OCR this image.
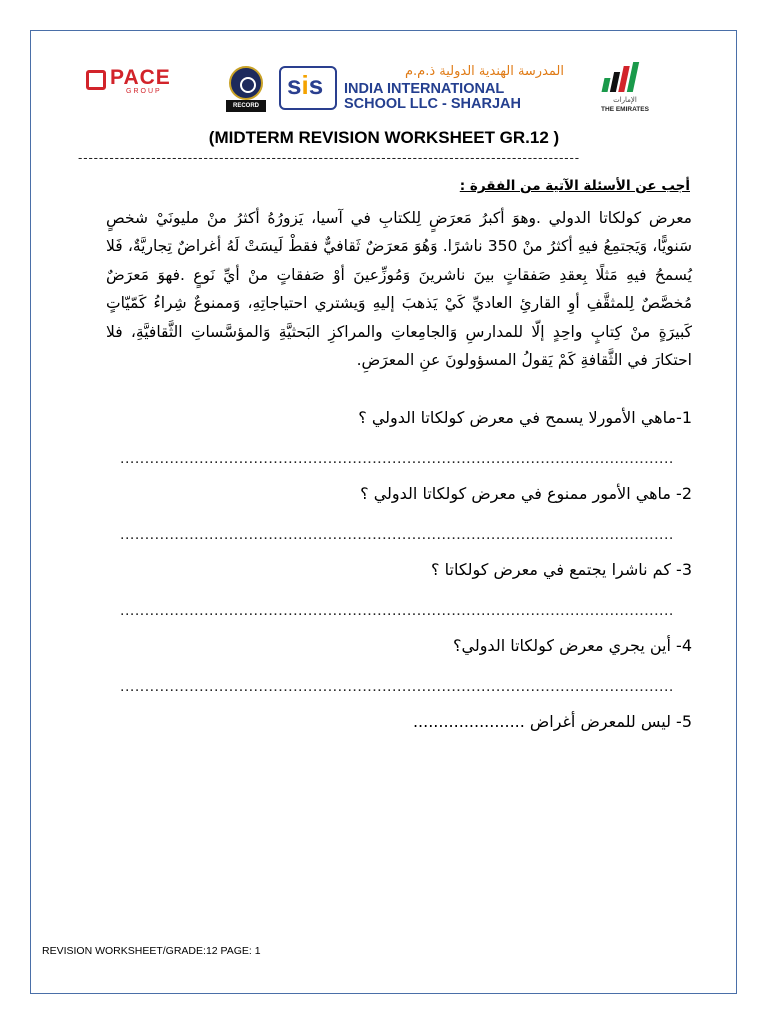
PACE
GROUP
RECORD HOLDER
sis	المدرسة الهندية الدولية ذ.م.م
INDIA INTERNATIONAL
SCHOOL LLC - SHARJAH	الإمارات
THE EMIRATES
(MIDTERM REVISION WORKSHEET GR.12 )
------------------------------------------------------------------------------------------------
أجب عن الأسئلة الآتية من الفقرة :
معرض كولكاتا الدولي .وهوَ أكبرُ مَعرَضٍ لِلكتابِ في آسيا، يَزورُهُ أكثرُ منْ مليونَيْ شخصٍ سَنويًّا، وَيَجتمِعُ فيهِ أكثرُ منْ 350 ناشرًا. وَهُوَ مَعرَضٌ ثَقافيٌّ فقطْ لَيسَتْ لَهُ أغراضٌ تِجاريَّةٌ، فَلا يُسمحُ فيهِ مَثلًا بِعقدِ صَفقاتٍ بينَ ناشرينَ وَمُوزِّعينَ أوْ صَفقاتٍ منْ أيِّ نَوعٍ .فهوَ مَعرَضٌ مُخصَّصٌ لِلمثقَّفِ أوِ القارئِ العاديِّ كَيْ يَذهبَ إليهِ وَيشتري احتياجاتِهِ، وَممنوعٌ شِراءُ كَمّيّاتٍ كَبيرَةٍ منْ كِتابٍ واحِدٍ إلّا للمدارسِ وَالجامِعاتِ والمراكزِ البَحثيَّةِ وَالمؤسَّساتِ الثَّقافيَّةِ، فلا احتكارَ في الثَّقافةِ كَمْ يَقولُ المسؤولونَ عنِ المعرَضِ.
1-ماهي الأمورلا يسمح في معرض كولكاتا الدولي ؟
................................................................................................................
2- ماهي الأمور ممنوع في معرض كولكاتا الدولي ؟
................................................................................................................
3- كم ناشرا يجتمع في معرض كولكاتا ؟
................................................................................................................
4- أين يجري معرض كولكاتا الدولي؟
................................................................................................................
5- ليس للمعرض أغراض ......................
REVISION WORKSHEET/GRADE:12 PAGE: 1
